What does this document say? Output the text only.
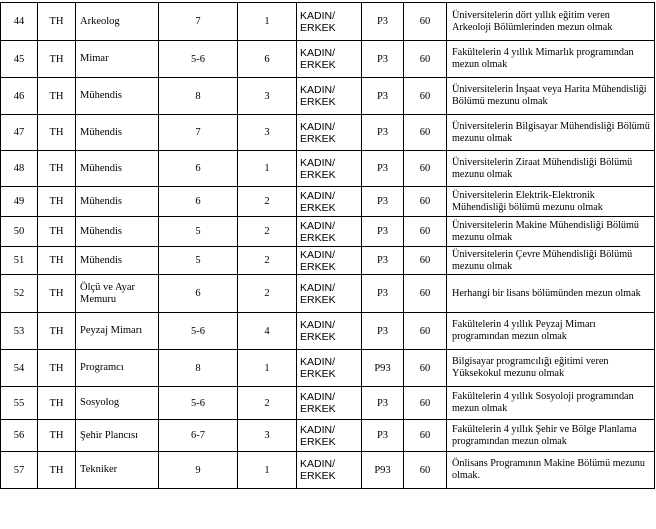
44	TH	Arkeolog	7	1	KADIN/
ERKEK	P3	60	Üniversitelerin dört yıllık eğitim veren Arkeoloji Bölümlerinden mezun olmak
45	TH	Mimar	5-6	6	KADIN/
ERKEK	P3	60	Fakültelerin 4 yıllık Mimarlık programından mezun olmak
46	TH	Mühendis	8	3	KADIN/
ERKEK	P3	60	Üniversitelerin İnşaat veya Harita Mühendisliği Bölümü mezunu olmak
47	TH	Mühendis	7	3	KADIN/
ERKEK	P3	60	Üniversitelerin Bilgisayar Mühendisliği Bölümü mezunu olmak
48	TH	Mühendis	6	1	KADIN/
ERKEK	P3	60	Üniversitelerin Ziraat Mühendisliği Bölümü mezunu olmak
49	TH	Mühendis	6	2	KADIN/
ERKEK	P3	60	Üniversitelerin Elektrik-Elektronik Mühendisliği bölümü mezunu olmak
50	TH	Mühendis	5	2	KADIN/
ERKEK	P3	60	Üniversitelerin Makine Mühendisliği Bölümü mezunu olmak
51	TH	Mühendis	5	2	KADIN/
ERKEK	P3	60	Üniversitelerin Çevre Mühendisliği Bölümü mezunu olmak
52	TH	Ölçü ve Ayar
Memuru	6	2	KADIN/
ERKEK	P3	60	Herhangi bir lisans bölümünden mezun olmak
53	TH	Peyzaj Mimarı	5-6	4	KADIN/
ERKEK	P3	60	Fakültelerin 4 yıllık Peyzaj Mimarı programından mezun olmak
54	TH	Programcı	8	1	KADIN/
ERKEK	P93	60	Bilgisayar programcılığı eğitimi veren Yüksekokul mezunu olmak
55	TH	Sosyolog	5-6	2	KADIN/
ERKEK	P3	60	Fakültelerin 4 yıllık Sosyoloji programından mezun olmak
56	TH	Şehir Plancısı	6-7	3	KADIN/
ERKEK	P3	60	Fakültelerin 4 yıllık Şehir ve Bölge Planlama programından mezun olmak
57	TH	Tekniker	9	1	KADIN/
ERKEK	P93	60	Önlisans Programının Makine Bölümü mezunu olmak.
